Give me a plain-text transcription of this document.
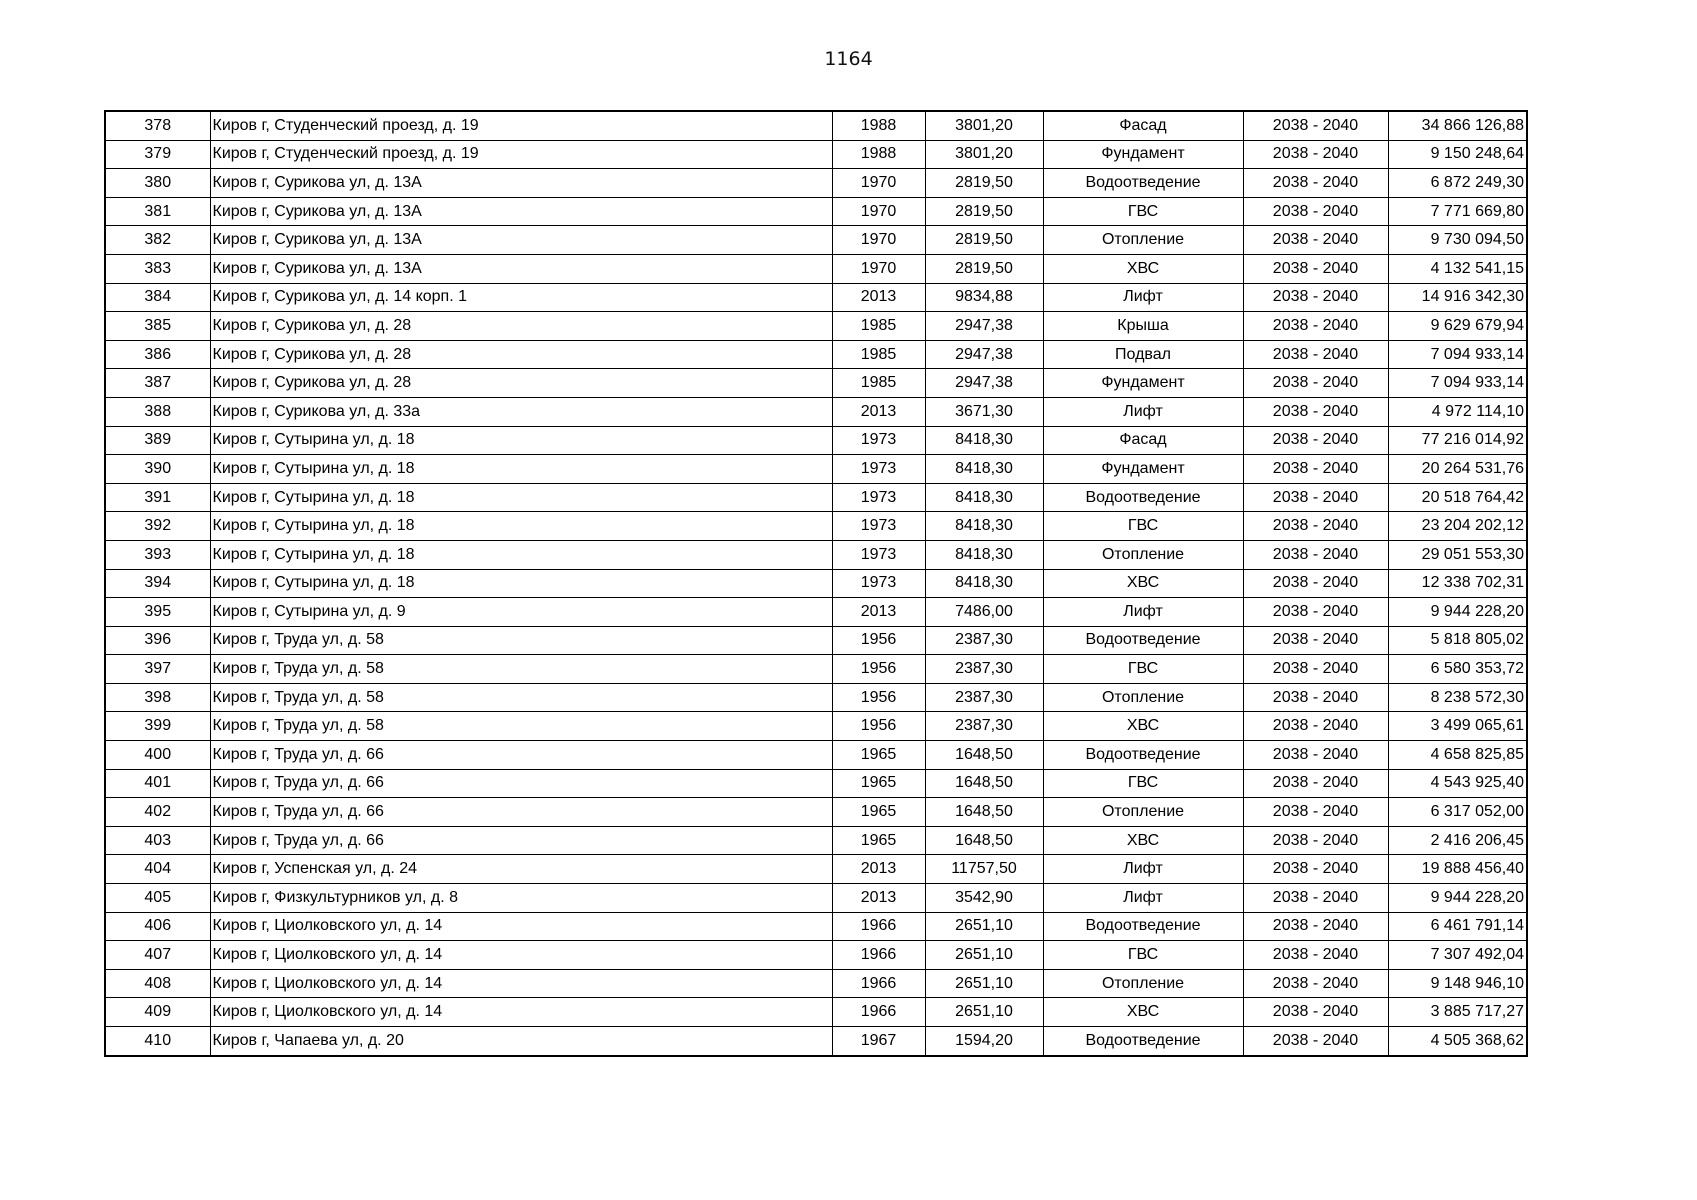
1164
378	Киров г, Студенческий проезд, д. 19	1988	3801,20	Фасад	2038 - 2040	34 866 126,88
379	Киров г, Студенческий проезд, д. 19	1988	3801,20	Фундамент	2038 - 2040	9 150 248,64
380	Киров г, Сурикова ул, д. 13А	1970	2819,50	Водоотведение	2038 - 2040	6 872 249,30
381	Киров г, Сурикова ул, д. 13А	1970	2819,50	ГВС	2038 - 2040	7 771 669,80
382	Киров г, Сурикова ул, д. 13А	1970	2819,50	Отопление	2038 - 2040	9 730 094,50
383	Киров г, Сурикова ул, д. 13А	1970	2819,50	ХВС	2038 - 2040	4 132 541,15
384	Киров г, Сурикова ул, д. 14 корп. 1	2013	9834,88	Лифт	2038 - 2040	14 916 342,30
385	Киров г, Сурикова ул, д. 28	1985	2947,38	Крыша	2038 - 2040	9 629 679,94
386	Киров г, Сурикова ул, д. 28	1985	2947,38	Подвал	2038 - 2040	7 094 933,14
387	Киров г, Сурикова ул, д. 28	1985	2947,38	Фундамент	2038 - 2040	7 094 933,14
388	Киров г, Сурикова ул, д. 33а	2013	3671,30	Лифт	2038 - 2040	4 972 114,10
389	Киров г, Сутырина ул, д. 18	1973	8418,30	Фасад	2038 - 2040	77 216 014,92
390	Киров г, Сутырина ул, д. 18	1973	8418,30	Фундамент	2038 - 2040	20 264 531,76
391	Киров г, Сутырина ул, д. 18	1973	8418,30	Водоотведение	2038 - 2040	20 518 764,42
392	Киров г, Сутырина ул, д. 18	1973	8418,30	ГВС	2038 - 2040	23 204 202,12
393	Киров г, Сутырина ул, д. 18	1973	8418,30	Отопление	2038 - 2040	29 051 553,30
394	Киров г, Сутырина ул, д. 18	1973	8418,30	ХВС	2038 - 2040	12 338 702,31
395	Киров г, Сутырина ул, д. 9	2013	7486,00	Лифт	2038 - 2040	9 944 228,20
396	Киров г, Труда ул, д. 58	1956	2387,30	Водоотведение	2038 - 2040	5 818 805,02
397	Киров г, Труда ул, д. 58	1956	2387,30	ГВС	2038 - 2040	6 580 353,72
398	Киров г, Труда ул, д. 58	1956	2387,30	Отопление	2038 - 2040	8 238 572,30
399	Киров г, Труда ул, д. 58	1956	2387,30	ХВС	2038 - 2040	3 499 065,61
400	Киров г, Труда ул, д. 66	1965	1648,50	Водоотведение	2038 - 2040	4 658 825,85
401	Киров г, Труда ул, д. 66	1965	1648,50	ГВС	2038 - 2040	4 543 925,40
402	Киров г, Труда ул, д. 66	1965	1648,50	Отопление	2038 - 2040	6 317 052,00
403	Киров г, Труда ул, д. 66	1965	1648,50	ХВС	2038 - 2040	2 416 206,45
404	Киров г, Успенская ул, д. 24	2013	11757,50	Лифт	2038 - 2040	19 888 456,40
405	Киров г, Физкультурников ул, д. 8	2013	3542,90	Лифт	2038 - 2040	9 944 228,20
406	Киров г, Циолковского ул, д. 14	1966	2651,10	Водоотведение	2038 - 2040	6 461 791,14
407	Киров г, Циолковского ул, д. 14	1966	2651,10	ГВС	2038 - 2040	7 307 492,04
408	Киров г, Циолковского ул, д. 14	1966	2651,10	Отопление	2038 - 2040	9 148 946,10
409	Киров г, Циолковского ул, д. 14	1966	2651,10	ХВС	2038 - 2040	3 885 717,27
410	Киров г, Чапаева ул, д. 20	1967	1594,20	Водоотведение	2038 - 2040	4 505 368,62
